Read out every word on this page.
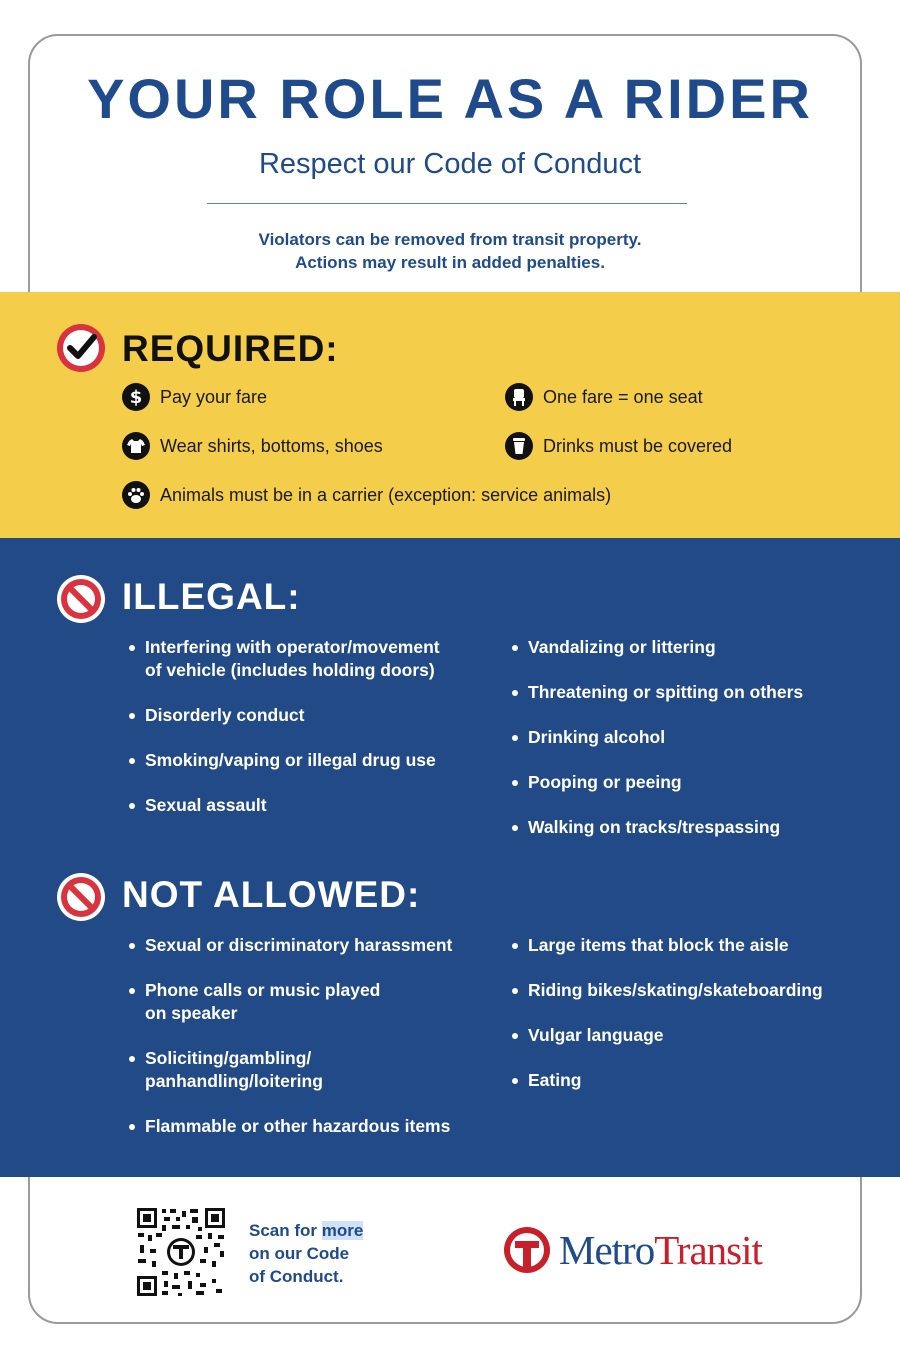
YOUR ROLE AS A RIDER

Respect our Code of Conduct

Violators can be removed from transit property.
Actions may result in added penalties.
REQUIRED:
$ Pay your fare	One fare = one seat
Wear shirts, bottoms, shoes	Drinks must be covered
Animals must be in a carrier (exception: service animals)
ILLEGAL:
Interfering with operator/movement
of vehicle (includes holding doors)
Disorderly conduct
Smoking/vaping or illegal drug use
Sexual assault
Vandalizing or littering
Threatening or spitting on others
Drinking alcohol
Pooping or peeing
Walking on tracks/trespassing
NOT ALLOWED:
Sexual or discriminatory harassment
Phone calls or music played
on speaker
Soliciting/gambling/
panhandling/loitering
Flammable or other hazardous items
Large items that block the aisle
Riding bikes/skating/skateboarding
Vulgar language
Eating
Scan for more
on our Code
of Conduct.
MetroTransit
